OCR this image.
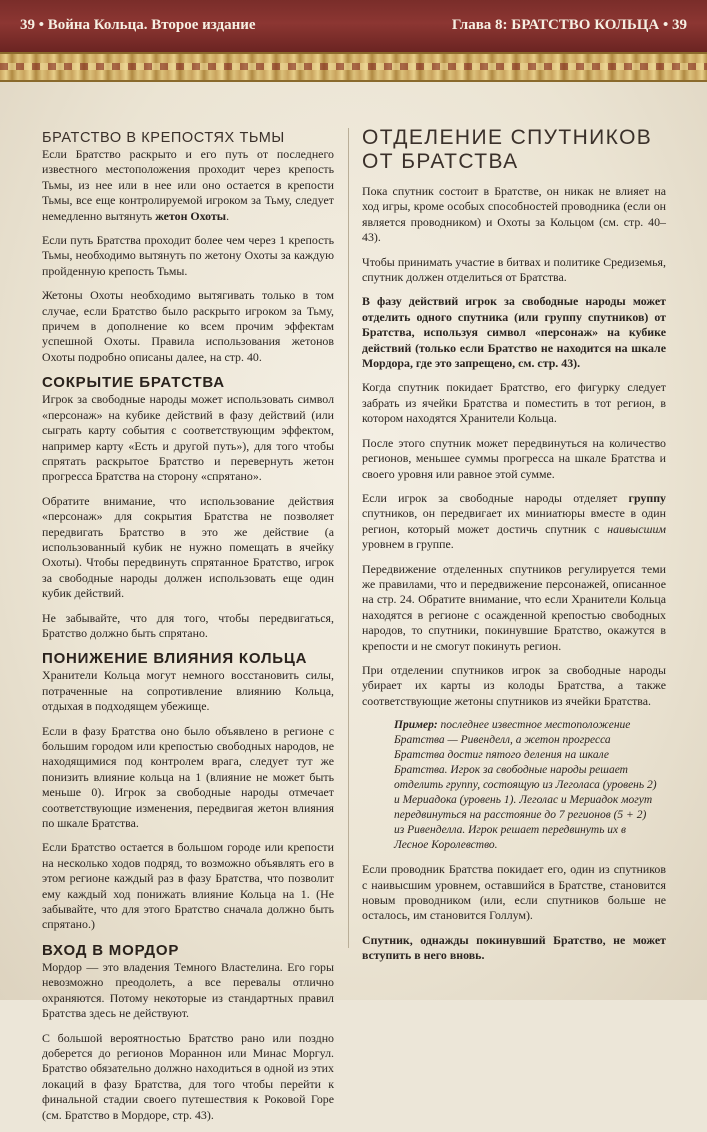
39 • Война Кольца. Второе издание	Глава 8: БРАТСТВО КОЛЬЦА • 39
БРАТСТВО В КРЕПОСТЯХ ТЬМЫ

Если Братство раскрыто и его путь от последнего известного местоположения проходит через крепость Тьмы, из нее или в нее или оно остается в крепости Тьмы, все еще контролируемой игроком за Тьму, следует немедленно вытянуть жетон Охоты.

Если путь Братства проходит более чем через 1 крепость Тьмы, необходимо вытянуть по жетону Охоты за каждую пройденную крепость Тьмы.

Жетоны Охоты необходимо вытягивать только в том случае, если Братство было раскрыто игроком за Тьму, причем в дополнение ко всем прочим эффектам успешной Охоты. Правила использования жетонов Охоты подробно описаны далее, на стр. 40.

СОКРЫТИЕ БРАТСТВА

Игрок за свободные народы может использовать символ «персонаж» на кубике действий в фазу действий (или сыграть карту события с соответствующим эффектом, например карту «Есть и другой путь»), для того чтобы спрятать раскрытое Братство и перевернуть жетон прогресса Братства на сторону «спрятано».

Обратите внимание, что использование действия «персонаж» для сокрытия Братства не позволяет передвигать Братство в это же действие (а использованный кубик не нужно помещать в ячейку Охоты). Чтобы передвинуть спрятанное Братство, игрок за свободные народы должен использовать еще один кубик действий.

Не забывайте, что для того, чтобы передвигаться, Братство должно быть спрятано.

ПОНИЖЕНИЕ ВЛИЯНИЯ КОЛЬЦА

Хранители Кольца могут немного восстановить силы, потраченные на сопротивление влиянию Кольца, отдыхая в подходящем убежище.

Если в фазу Братства оно было объявлено в регионе с большим городом или крепостью свободных народов, не находящимися под контролем врага, следует тут же понизить влияние кольца на 1 (влияние не может быть меньше 0). Игрок за свободные народы отмечает соответствующие изменения, передвигая жетон влияния по шкале Братства.

Если Братство остается в большом городе или крепости на несколько ходов подряд, то возможно объявлять его в этом регионе каждый раз в фазу Братства, что позволит ему каждый ход понижать влияние Кольца на 1. (Не забывайте, что для этого Братство сначала должно быть спрятано.)

ВХОД В МОРДОР

Мордор — это владения Темного Властелина. Его горы невозможно преодолеть, а все перевалы отлично охраняются. Потому некоторые из стандартных правил Братства здесь не действуют.

С большой вероятностью Братство рано или поздно доберется до регионов Мораннон или Минас Моргул. Братство обязательно должно находиться в одной из этих локаций в фазу Братства, для того чтобы перейти к финальной стадии своего путешествия к Роковой Горе (см. Братство в Мордоре, стр. 43).

ОТДЕЛЕНИЕ СПУТНИКОВ ОТ БРАТСТВА

Пока спутник состоит в Братстве, он никак не влияет на ход игры, кроме особых способностей проводника (если он является проводником) и Охоты за Кольцом (см. стр. 40–43).

Чтобы принимать участие в битвах и политике Средиземья, спутник должен отделиться от Братства.

В фазу действий игрок за свободные народы может отделить одного спутника (или группу спутников) от Братства, используя символ «персонаж» на кубике действий (только если Братство не находится на шкале Мордора, где это запрещено, см. стр. 43).

Когда спутник покидает Братство, его фигурку следует забрать из ячейки Братства и поместить в тот регион, в котором находятся Хранители Кольца.

После этого спутник может передвинуться на количество регионов, меньшее суммы прогресса на шкале Братства и своего уровня или равное этой сумме.

Если игрок за свободные народы отделяет группу спутников, он передвигает их миниатюры вместе в один регион, который может достичь спутник с наивысшим уровнем в группе.

Передвижение отделенных спутников регулируется теми же правилами, что и передвижение персонажей, описанное на стр. 24. Обратите внимание, что если Хранители Кольца находятся в регионе с осажденной крепостью свободных народов, то спутники, покинувшие Братство, окажутся в крепости и не смогут покинуть регион.

При отделении спутников игрок за свободные народы убирает их карты из колоды Братства, а также соответствующие жетоны спутников из ячейки Братства.

Пример: последнее известное местоположение Братства — Ривенделл, а жетон прогресса Братства достиг пятого деления на шкале Братства. Игрок за свободные народы решает отделить группу, состоящую из Леголаса (уровень 2) и Мериадока (уровень 1). Леголас и Мериадок могут передвинуться на расстояние до 7 регионов (5 + 2) из Ривенделла. Игрок решает передвинуть их в Лесное Королевство.

Если проводник Братства покидает его, один из спутников с наивысшим уровнем, оставшийся в Братстве, становится новым проводником (или, если спутников больше не осталось, им становится Голлум).

Спутник, однажды покинувший Братство, не может вступить в него вновь.
